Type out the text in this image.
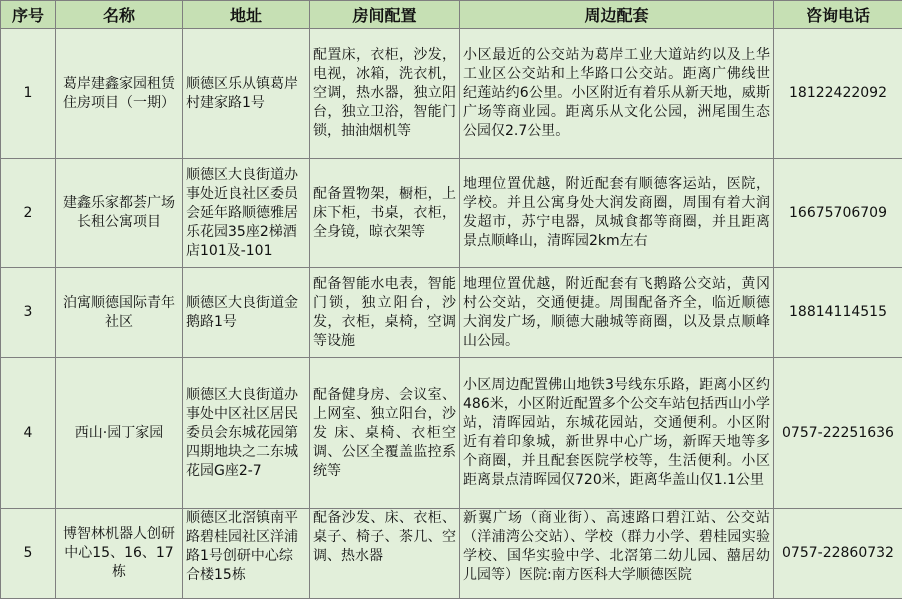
序号	名称	地址	房间配置	周边配套	咨询电话
1	葛岸建鑫家园租赁住房项目（一期）	顺德区乐从镇葛岸村建家路1号	配置床，衣柜，沙发，电视，冰箱，洗衣机，空调，热水器，独立阳台，独立卫浴，智能门锁，抽油烟机等	小区最近的公交站为葛岸工业大道站约以及上华工业区公交站和上华路口公交站。距离广佛线世纪莲站约6公里。小区附近有着乐从新天地，威斯广场等商业园。距离乐从文化公园，洲尾围生态公园仅2.7公里。	18122422092
2	建鑫乐家都荟广场长租公寓项目	顺德区大良街道办事处近良社区委员会延年路顺德雅居乐花园35座2梯酒店101及-101	配备置物架，橱柜，上床下柜，书桌，衣柜，全身镜，晾衣架等	地理位置优越，附近配套有顺德客运站，医院，学校。并且公寓身处大润发商圈，周围有着大润发超市，苏宁电器，凤城食都等商圈，并且距离景点顺峰山，清晖园2km左右	16675706709
3	泊寓顺德国际青年社区	顺德区大良街道金鹅路1号	配备智能水电表，智能门锁，独立阳台，沙发，衣柜，桌椅，空调等设施	地理位置优越，附近配套有飞鹅路公交站，黄冈村公交站，交通便捷。周围配备齐全，临近顺德大润发广场，顺德大融城等商圈，以及景点顺峰山公园。	18814114515
4	西山·园丁家园	顺德区大良街道办事处中区社区居民委员会东城花园第四期地块之二东城花园G座2-7	配备健身房、会议室、上网室、独立阳台，沙发 床、桌椅、衣柜空调、公区全覆盖监控系统等	小区周边配置佛山地铁3号线东乐路，距离小区约486米，小区附近配置多个公交车站包括西山小学站，清晖园站，东城花园站，交通便利。小区附近有着印象城，新世界中心广场，新晖天地等多个商圈，并且配套医院学校等，生活便利。小区距离景点清晖园仅720米，距离华盖山仅1.1公里	0757-22251636
5	博智林机器人创研中心15、16、17栋	顺德区北滘镇南平路碧桂园社区洋浦路1号创研中心综合楼15栋	配备沙发、床、衣柜、桌子、椅子、茶几、空调、热水器	新翼广场（商业街）、高速路口碧江站、公交站（洋浦湾公交站）、学校（群力小学、碧桂园实验学校、国华实验中学、北滘第二幼儿园、囍居幼儿园等）医院:南方医科大学顺德医院	0757-22860732
